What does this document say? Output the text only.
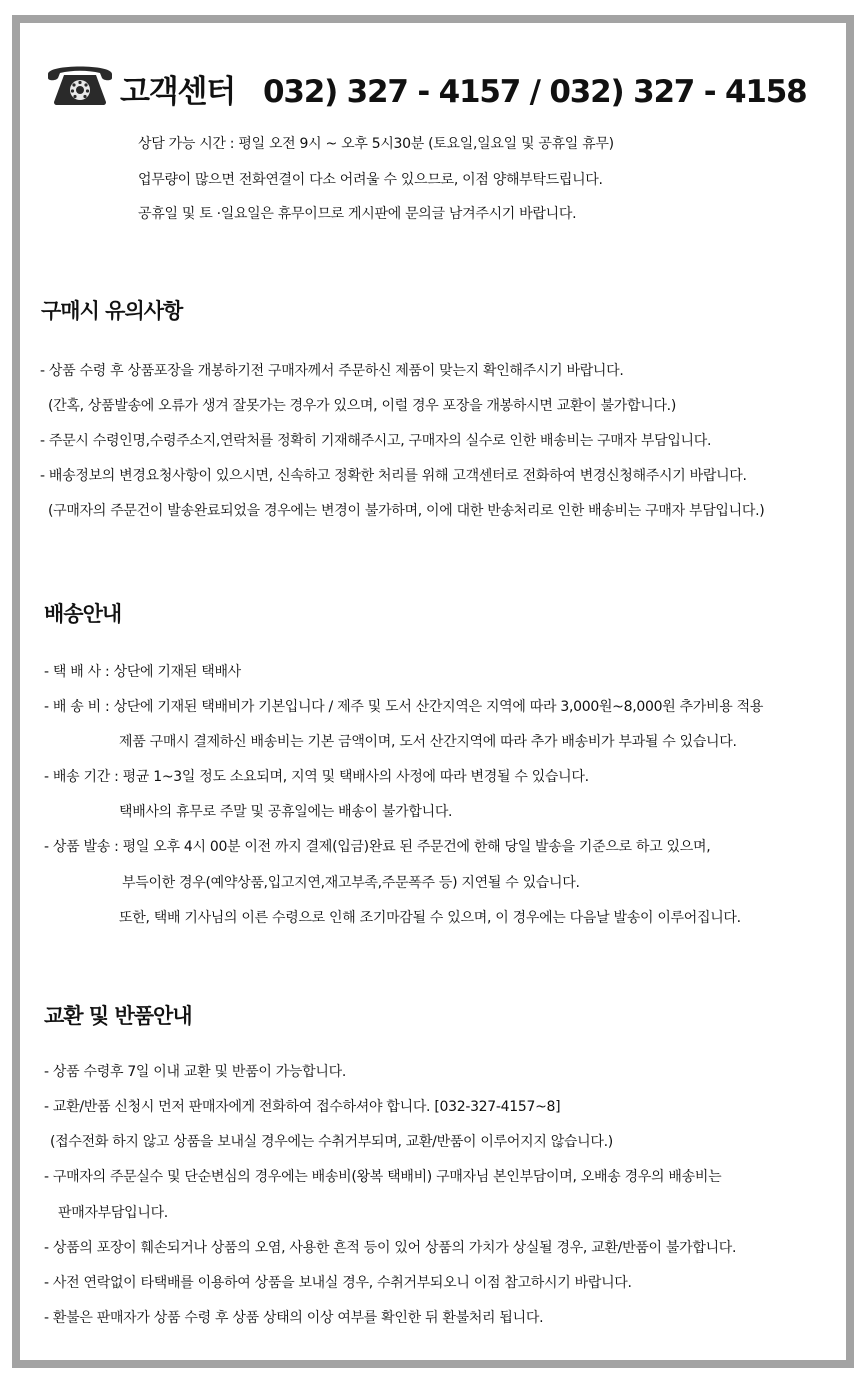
고객센터 032) 327 - 4157 / 032) 327 - 4158
상담 가능 시간 : 평일 오전 9시 ~ 오후 5시30분 (토요일,일요일 및 공휴일 휴무)
업무량이 많으면 전화연결이 다소 어려울 수 있으므로, 이점 양해부탁드립니다.
공휴일 및 토 ·일요일은 휴무이므로 게시판에 문의글 남겨주시기 바랍니다.
구매시 유의사항
- 상품 수령 후 상품포장을 개봉하기전 구매자께서 주문하신 제품이 맞는지 확인해주시기 바랍니다.
(간혹, 상품발송에 오류가 생겨 잘못가는 경우가 있으며, 이럴 경우 포장을 개봉하시면 교환이 불가합니다.)
- 주문시 수령인명,수령주소지,연락처를 정확히 기재해주시고, 구매자의 실수로 인한 배송비는 구매자 부담입니다.
- 배송정보의 변경요청사항이 있으시면, 신속하고 정확한 처리를 위해 고객센터로 전화하여 변경신청해주시기 바랍니다.
(구매자의 주문건이 발송완료되었을 경우에는 변경이 불가하며, 이에 대한 반송처리로 인한 배송비는 구매자 부담입니다.)
배송안내
- 택 배 사 : 상단에 기재된 택배사
- 배 송 비 : 상단에 기재된 택배비가 기본입니다 / 제주 및 도서 산간지역은 지역에 따라 3,000원~8,000원 추가비용 적용
제품 구매시 결제하신 배송비는 기본 금액이며, 도서 산간지역에 따라 추가 배송비가 부과될 수 있습니다.
- 배송 기간 : 평균 1~3일 정도 소요되며, 지역 및 택배사의 사정에 따라 변경될 수 있습니다.
택배사의 휴무로 주말 및 공휴일에는 배송이 불가합니다.
- 상품 발송 : 평일 오후 4시 00분 이전 까지 결제(입금)완료 된 주문건에 한해 당일 발송을 기준으로 하고 있으며,
부득이한 경우(예약상품,입고지연,재고부족,주문폭주 등) 지연될 수 있습니다.
또한, 택배 기사님의 이른 수령으로 인해 조기마감될 수 있으며, 이 경우에는 다음날 발송이 이루어집니다.
교환 및 반품안내
- 상품 수령후 7일 이내 교환 및 반품이 가능합니다.
- 교환/반품 신청시 먼저 판매자에게 전화하여 접수하셔야 합니다. [032-327-4157~8]
(접수전화 하지 않고 상품을 보내실 경우에는 수취거부되며, 교환/반품이 이루어지지 않습니다.)
- 구매자의 주문실수 및 단순변심의 경우에는 배송비(왕복 택배비) 구매자님 본인부담이며, 오배송 경우의 배송비는
판매자부담입니다.
- 상품의 포장이 훼손되거나 상품의 오염, 사용한 흔적 등이 있어 상품의 가치가 상실될 경우, 교환/반품이 불가합니다.
- 사전 연락없이 타택배를 이용하여 상품을 보내실 경우, 수취거부되오니 이점 참고하시기 바랍니다.
- 환불은 판매자가 상품 수령 후 상품 상태의 이상 여부를 확인한 뒤 환불처리 됩니다.
